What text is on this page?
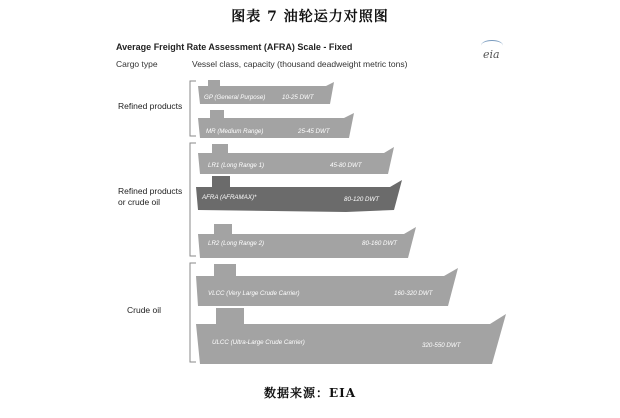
图表 7 油轮运力对照图
Average Freight Rate Assessment (AFRA) Scale - Fixed
Cargo type	Vessel class, capacity (thousand deadweight metric tons)
eia
Refined products
Refined products
or crude oil
Crude oil
GP (General Purpose)	10-25 DWT
MR (Medium Range)	25-45 DWT
LR1 (Long Range 1)	45-80 DWT
AFRA (AFRAMAX)*	80-120 DWT
LR2 (Long Range 2)	80-160 DWT
VLCC (Very Large Crude Carrier)	160-320 DWT
ULCC (Ultra-Large Crude Carrier)	320-550 DWT
数据来源：EIA
